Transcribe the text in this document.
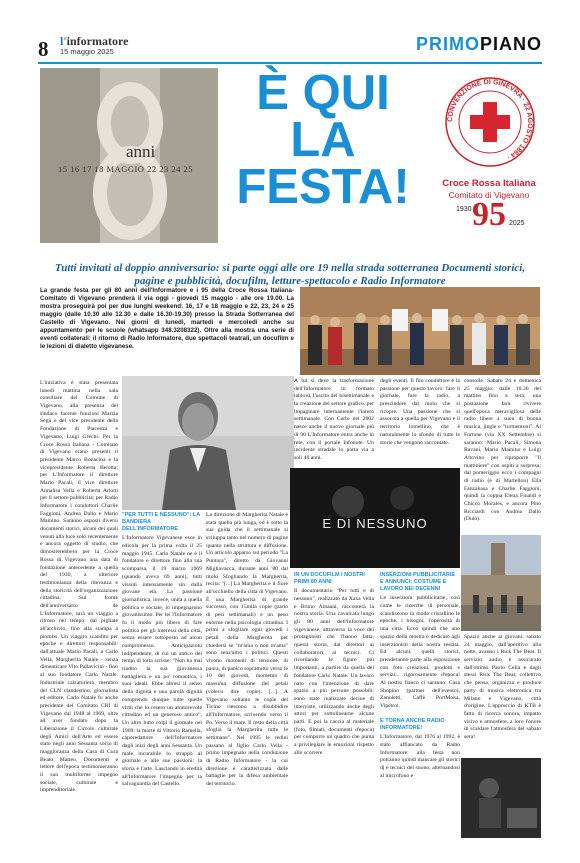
8 l'informatore
15 maggio 2025	PRIMOPIANO
anni
15 16 17 18 MAGGIO 22 23 24 25
È QUI
LA
FESTA!
CONVENZIONE DI GINEVRA · 22 AGOSTO 1864 ·
Croce Rossa Italiana
Comitato di Vigevano
1930 95 2025
Tutti invitati al doppio anniversario: si parte oggi alle ore 19 nella strada sotterranea Documenti storici, pagine e pubblicità, docufilm, letture-spettacolo e Radio Informatore
La grande festa per gli 80 anni dell'Informatore e i 95 della Croce Rossa Italiana-Comitato di Vigevano prenderà il via oggi - giovedì 15 maggio - alle ore 19.00. La mostra proseguirà poi per due lunghi weekend: 16, 17 e 18 maggio e 22, 23, 24 e 25 maggio (dalle 10.30 alle 12.30 e dalle 16.30-19.30) presso la Strada Sotterranea del Castello di Vigevano. Nei giorni di lunedì, martedì e mercoledì anche su appuntamento per le scuole (whatsapp 348.3208322). Oltre alla mostra una serie di eventi collaterali: il ritorno di Radio Informatore, due spettacoli teatrali, un docufilm e le lezioni di dialetto vigevanese.
L'iniziativa è stata presentata lunedì mattina nella sala consiliare del Comune di Vigevano, alla presenza del sindaco facente funzioni Marzia Segù e del vice presidente della Fondazione di Piacenza e Vigevano, Luigi Grechi. Per la Croce Rossa Italiana - Comitato di Vigevano erano presenti il presidente Marco Bonacina e la vicepresidente Roberta Beretta; per L'Informatore il direttore Mario Pacali, il vice direttore Annalisa Vella e Roberta Arlotti per il settore pubblicità; per Radio Informatore i conduttori Charlie Faggioni, Andrea Dallo e Mario Mainino. Saranno esposti diversi documenti storici, alcuni dei quali venuti alla luce solo recentemente e ancora oggetto di studio, che dimostrerebbero per la Croce Rossa di Vigevano una data di fondazione antecedente a quella del 1930, a ulteriore testimonianza della rilevanza e della storicità dell'organizzazione cittadina. Sul fronte dell'anniversario de L'Informatore, sarà un viaggio a ritroso nel tempo: dal pigliate all'archivio, fino alla stampa a piombo. Un viaggio scandito per epoche e direttori responsabili: dall'attuale Mario Pacali, a Carlo Vella, Margherita Natale - senza dimenticare Vito Pallavicini - fino al suo fondatore Carlo Natale. Industriale calzaturiero, membro del CLN clandestino, giornalista ed editore, Carlo Natale fu anche presidente del Comitato CRI di Vigevano dal 1948 al 1969, oltre ad aver fondato dopo la Liberazione il Circolo culturale degli Amici dell'Arte ed essere stato negli anni Sessanta socio di maggioranza della Casa di Cura Beato Matteo. Documenti e lettere dell'epoca testimonieranno il suo multiforme impegno sociale, culturale e imprenditoriale.
"PER TUTTI E NESSUNO": LA BANDIERA DELL'INFORMATORE
L'Informatore Vigevanese esce in edicola per la prima volta il 25 maggio 1945. Carlo Natale ne è il fondatore e direttore fino alla sua scomparsa, il 19 marzo 1969 (quando aveva 69 anni), tutti vissuti intensamente sin dalla giovane età. La passione giornalistica, invece, unita a quella politica e sociale, lo impegnarono giovanissimo. Per lei l'Informatore fu il modo più libero di fare politica per gli interessi della città, senza essere sottoposto ad alcun compromesso. Anticipazioni indipendente, di cui un antico dei tempi di lotta scrisse: "Non ha mai tradito la sua giovanessa battagliera e un po' romantica, i suoi ideali. Ebbe altresì il senso della dignità e una parola dignità comprendo dunque tutte quelle virtù che lo resero un ammirevole cittadino ed un generoso amico". Un altro lutto colpì il giornale nel 1969: la morte di Vittorio Ramella, caporedattore dell'Informatore dagli inizi degli anni Sessanta. Un male incurabile lo strappò al giornale e alle sue passioni: la storia e l'arte. Lasciando in eredità all'Informatore l'impegno per la salvaguardia del Castello.
La direzione di Margherita Natale è stata quella più lunga, ed è sotto la sua guida che il settimanale si sviluppa tanto nel numero di pagine quanto nella struttura e diffusione. Un articolo apparso sul periodo "La Puntura", diretto da Giovanni Migliavacca, durante anni '80 dal titolo Sfogliando la Margherita, recita: "[...] La Margherita e il fiore all'occhiello della città di Vigevano. È una Margherita di grande successo, con 15mila copie (parlo di pesi settimanali) e un peso enorme nella psicologia cittadina. I primi a sfogliare ogni giovedì i petali della Margherita per chiedersi se "m'ama o non m'ama" sono senz'altro i politici. Questi vivono momenti di tensione, di paura, di panico soprattutto verso le 10 del giovedì, momento di massima diffusione del petali (volevo dire copie). [...] A Vigevano soltanto le copie del Ticino riescono a disubbidire all'Informatore, scrivendo verso il Po. Verso il mare. Il resto della città sfoglia la Margherita tutte le settimane". Nel 1995 le redini passano al figlio Carlo Vella - primo impegnato nella conduzione di Radio Informatore - la cui direzione è caratterizzata dalle battaglie per la difesa ambientale del territorio.
A lui si deve la trasformazione dell'Informatore in formato tabloid, l'uscita del bisettimanale e la creazione del settore grafico, per impaginare internamente l'intero settimanale. Con Carlo nel 2002 nasce anche il nuovo giornale più di 90 L'Informatore entra anche in rete, con il portale Infonote. Un incidente stradale lo porta via a soli 40 anni.
degli eventi. Il filo conduttore è la passione per questo lavoro: fare il giornale, fare la radio, a prescindere dal ruolo che si ricopre. Una passione che si assocola a quella per Vigevano e il territorio lomellino, che è naturalmente lo sfondo di tutte le storie che vengono raccontate.
E DI NESSUNO
IN UN DOCUFILM I NOSTRI PRIMI 80 ANNI
Il documentario "Per tutti e di nessuno", realizzato da Xaxa Vella e Bruno Amaani, racconterà la nostra storia. Una cavalcata lungo gli 80 anni dell'Informatore vigevanese, attraverso la voce dei protagonisti che l'hanno fatta, questa storia, dai direttori ai collaboratori, ai tecnici. Ci ricordando le figure più importanti, a partire da quella del fondatore Carlo Natale. Un lavoro nato con l'intenzione di dare spazio a più persone possibili: sono state realizzate decine di interviste, utilizzando anche degli attori per sottolinearne alcune parti. E poi la caccia al materiale (foto, filmati, documenti d'epoca) per comporre un quadro che punta a privilegiare le emozioni rispetto allo scorrere
INSERZIONI PUBBLICITARIE E ANNUNCI: COSTUME E LAVORO NEI DECENNI
Le inserzioni pubblicitarie, così come le ricerche di personale, scandiscono in modo cristallino le epoche, i bisogni, l'operosità di una città. Ecco quindi che uno spazio della mostra è dedicato agli inserzionisti della nostra testata. Ed alcuni, quelli storici, prenderanno parte alla esposizione con foto creazioni, prodotti e servizi... rigorosamente d'epoca! Al nostro fianco ci saranno: Casa Shopino (partner dell'evento), Zanoletti, Caffè PortMoka, Vipetrol.
E TORNA ANCHE RADIO INFORMATORE!
L'Informatore, dal 1976 al 1992, è stato affiancato da Radio Informatore: alla festa non potranno quindi mancare gli storici dj e tecnici del suono, alternandosi al microfono e
consolle. Sabato 24 e domenica 25 maggio, dalle 10.30 del mattino fino a sera, una postazione farà rivivere quell'epoca meravigliosa delle radio libere a suon di buona musica, jingle e "tormentoni". Al Fortune (via XX Settembre) si saranno: Mario Pacali, Simona Ravani, Mario Mainino e Luigi Altovino per riproporre "Il mattiniere" con ospiti a sorpresa; dal pomeriggio ecco i compagni di radio (e di Martellon) Ella Fanzanasa e Charlie Faggioni, quindi la coppia Elena Finaldi e Chicco Morales, e ancora Pino Ricciardi con Andrea Dallo (Dulò).
Spazio anche ai giovani: sabato 24 maggio, dall'aperitivo alla notte, avanno i Rick The Beat. Il servizio audio è assicurato dall'ottimo Paolo Cella e dagli stessi Rick The Beat, collettivo che pensa, organizza e produce party di musica elettronica tra Milano e Vigevano, città d'origine. L'approccio di KTB è fatto di ricerca sonora, impatto visivo e atmosfere, a loro l'onore di scaldare l'atmosfera del sabato sera!
